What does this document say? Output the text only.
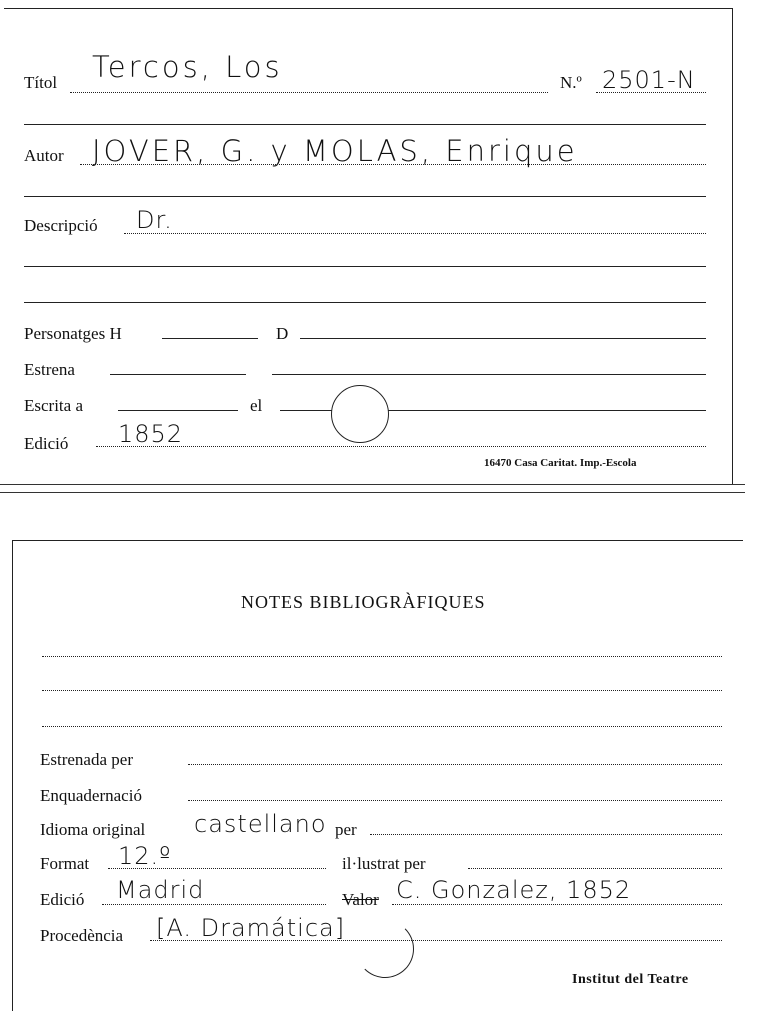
Títol Tercos, Los	N.º 2501-N
Autor JOVER, G. y MOLAS, Enrique
Descripció Dr.
Personatges H	D
Estrena
Escrita a	el
Edició 1852
16470 Casa Caritat. Imp.-Escola
NOTES BIBLIOGRÀFIQUES
Estrenada per
Enquadernació
Idioma original castellano per
Format 12.º	il·lustrat per
Edició Madrid	Valor C. Gonzalez, 1852
Procedència [A. Dramática]
Institut del Teatre
